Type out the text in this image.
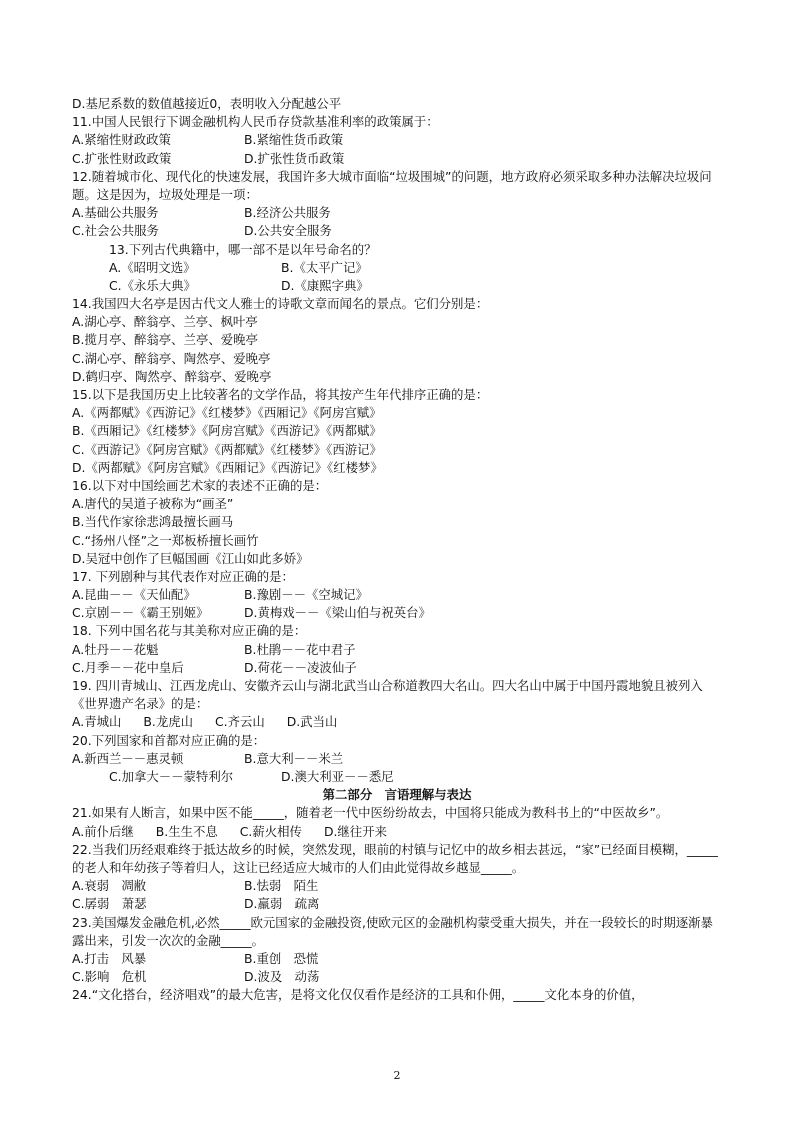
D.基尼系数的数值越接近0，表明收入分配越公平
11.中国人民银行下调金融机构人民币存贷款基准利率的政策属于：
A.紧缩性财政政策	B.紧缩性货币政策
C.扩张性财政政策	D.扩张性货币政策
12.随着城市化、现代化的快速发展，我国许多大城市面临“垃圾围城”的问题，地方政府必须采取多种办法解决垃圾问题。这是因为，垃圾处理是一项：
A.基础公共服务	B.经济公共服务
C.社会公共服务	D.公共安全服务
13.下列古代典籍中，哪一部不是以年号命名的？
A.《昭明文选》	B.《太平广记》
C.《永乐大典》	D.《康熙字典》
14.我国四大名亭是因古代文人雅士的诗歌文章而闻名的景点。它们分别是：
A.湖心亭、醉翁亭、兰亭、枫叶亭
B.揽月亭、醉翁亭、兰亭、爱晚亭
C.湖心亭、醉翁亭、陶然亭、爱晚亭
D.鹤归亭、陶然亭、醉翁亭、爱晚亭
15.以下是我国历史上比较著名的文学作品，将其按产生年代排序正确的是：
A.《两都赋》《西游记》《红楼梦》《西厢记》《阿房宫赋》
B.《西厢记》《红楼梦》《阿房宫赋》《西游记》《两都赋》
C.《西游记》《阿房宫赋》《两都赋》《红楼梦》《西游记》
D.《两都赋》《阿房宫赋》《西厢记》《西游记》《红楼梦》
16.以下对中国绘画艺术家的表述不正确的是：
A.唐代的吴道子被称为“画圣”
B.当代作家徐悲鸿最擅长画马
C.“扬州八怪”之一郑板桥擅长画竹
D.吴冠中创作了巨幅国画《江山如此多娇》
17. 下列剧种与其代表作对应正确的是：
A.昆曲－－《天仙配》	B.豫剧－－《空城记》
C.京剧－－《霸王别姬》	D.黄梅戏－－《梁山伯与祝英台》
18. 下列中国名花与其美称对应正确的是：
A.牡丹－－花魁	B.杜鹃－－花中君子
C.月季－－花中皇后	D.荷花－－凌波仙子
19. 四川青城山、江西龙虎山、安徽齐云山与湖北武当山合称道教四大名山。四大名山中属于中国丹霞地貌且被列入《世界遗产名录》的是：
A.青城山 B.龙虎山 C.齐云山 D.武当山
20.下列国家和首都对应正确的是：
A.新西兰－－惠灵顿	B.意大利－－米兰
C.加拿大－－蒙特利尔	D.澳大利亚－－悉尼
第二部分　言语理解与表达
21.如果有人断言，如果中医不能_____，随着老一代中医纷纷故去，中国将只能成为教科书上的“中医故乡”。
A.前仆后继 B.生生不息 C.薪火相传 D.继往开来
22.当我们历经艰难终于抵达故乡的时候，突然发现，眼前的村镇与记忆中的故乡相去甚远，“家”已经面目模糊，_____的老人和年幼孩子等着归人，这让已经适应大城市的人们由此觉得故乡越显_____。
A.衰弱　凋敝	B.怯弱　陌生
C.孱弱　萧瑟	D.羸弱　疏离
23.美国爆发金融危机,必然_____欧元国家的金融投资,使欧元区的金融机构蒙受重大损失，并在一段较长的时期逐渐暴露出来，引发一次次的金融_____。
A.打击　风暴	B.重创　恐慌
C.影响　危机	D.波及　动荡
24.“文化搭台，经济唱戏”的最大危害，是将文化仅仅看作是经济的工具和仆佣，_____文化本身的价值，
2
